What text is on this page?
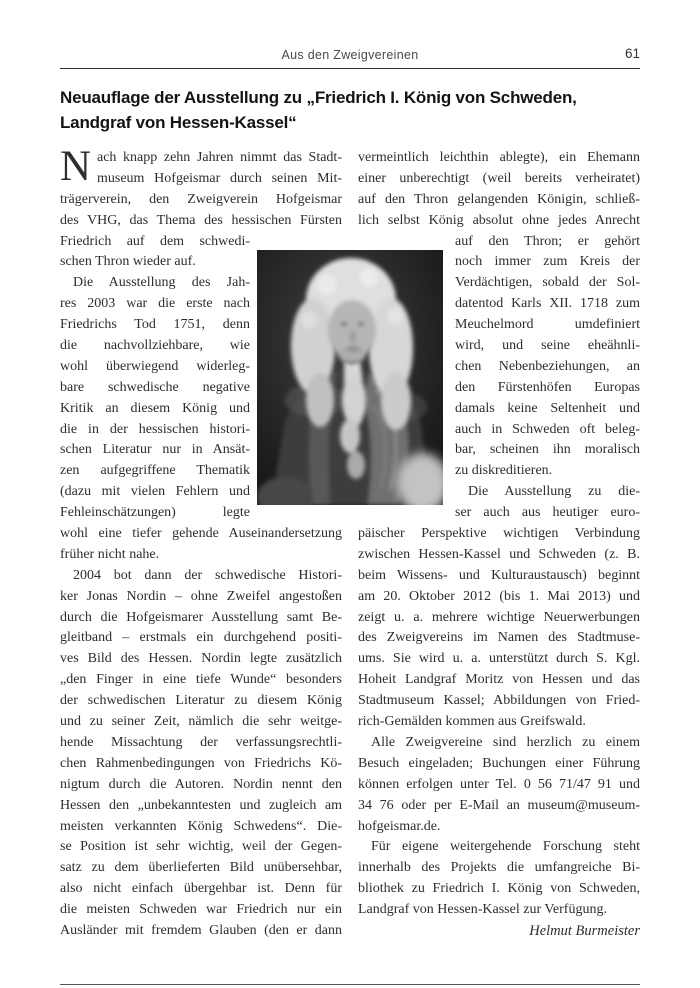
Aus den Zweigvereinen	61
Neuauflage der Ausstellung zu „Friedrich I. König von Schweden,
Landgraf von Hessen-Kassel“
N ach knapp zehn Jahren nimmt das Stadt-
museum Hofgeismar durch seinen Mit-
trägerverein, den Zweigverein Hofgeismar
des VHG, das Thema des hessischen Fürsten
Friedrich auf dem schwedi-
schen Thron wieder auf.
Die Ausstellung des Jah-
res 2003 war die erste nach
Friedrichs Tod 1751, denn
die nachvollziehbare, wie
wohl überwiegend widerleg-
bare schwedische negative
Kritik an diesem König und
die in der hessischen histori-
schen Literatur nur in Ansät-
zen aufgegriffene Thematik
(dazu mit vielen Fehlern und
Fehleinschätzungen) legte
wohl eine tiefer gehende Auseinandersetzung
früher nicht nahe.
2004 bot dann der schwedische Histori-
ker Jonas Nordin – ohne Zweifel angestoßen
durch die Hofgeismarer Ausstellung samt Be-
gleitband – erstmals ein durchgehend positi-
ves Bild des Hessen. Nordin legte zusätzlich
„den Finger in eine tiefe Wunde“ besonders
der schwedischen Literatur zu diesem König
und zu seiner Zeit, nämlich die sehr weitge-
hende Missachtung der verfassungsrechtli-
chen Rahmenbedingungen von Friedrichs Kö-
nigtum durch die Autoren. Nordin nennt den
Hessen den „unbekanntesten und zugleich am
meisten verkannten König Schwedens“. Die-
se Position ist sehr wichtig, weil der Gegen-
satz zu dem überlieferten Bild unübersehbar,
also nicht einfach übergehbar ist. Denn für
die meisten Schweden war Friedrich nur ein
Ausländer mit fremdem Glauben (den er dann
vermeintlich leichthin ablegte), ein Ehemann
einer unberechtigt (weil bereits verheiratet)
auf den Thron gelangenden Königin, schließ-
lich selbst König absolut ohne jedes Anrecht
auf den Thron; er gehört
noch immer zum Kreis der
Verdächtigen, sobald der Sol-
datentod Karls XII. 1718 zum
Meuchelmord umdefiniert
wird, und seine eheähnli-
chen Nebenbeziehungen, an
den Fürstenhöfen Europas
damals keine Seltenheit und
auch in Schweden oft beleg-
bar, scheinen ihn moralisch
zu diskreditieren.
Die Ausstellung zu die-
ser auch aus heutiger euro-
päischer Perspektive wichtigen Verbindung
zwischen Hessen-Kassel und Schweden (z. B.
beim Wissens- und Kulturaustausch) beginnt
am 20. Oktober 2012 (bis 1. Mai 2013) und
zeigt u. a. mehrere wichtige Neuerwerbungen
des Zweigvereins im Namen des Stadtmuse-
ums. Sie wird u. a. unterstützt durch S. Kgl.
Hoheit Landgraf Moritz von Hessen und das
Stadtmuseum Kassel; Abbildungen von Fried-
rich-Gemälden kommen aus Greifswald.
Alle Zweigvereine sind herzlich zu einem
Besuch eingeladen; Buchungen einer Führung
können erfolgen unter Tel. 0 56 71/47 91 und
34 76 oder per E-Mail an museum@museum-
hofgeismar.de.
Für eigene weitergehende Forschung steht
innerhalb des Projekts die umfangreiche Bi-
bliothek zu Friedrich I. König von Schweden,
Landgraf von Hessen-Kassel zur Verfügung.
Helmut Burmeister
